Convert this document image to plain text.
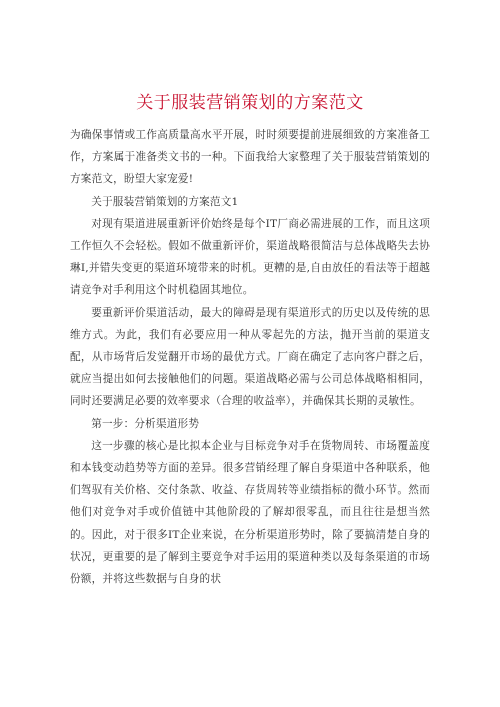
关于服装营销策划的方案范文

为确保事情或工作高质量高水平开展，时时须要提前进展细致的方案准备工作，方案属于准备类文书的一种。下面我给大家整理了关于服装营销策划的方案范文，盼望大家宠爱!

关于服装营销策划的方案范文1

对现有渠道进展重新评价始终是每个IT厂商必需进展的工作，而且这项工作恒久不会轻松。假如不做重新评价，渠道战略很简洁与总体战略失去协琳I,并错失变更的渠道环境带来的时机。更糟的是,自由放任的看法等于超越请竞争对手利用这个时机稳固其地位。

要重新评价渠道活动，最大的障碍是现有渠道形式的历史以及传统的思维方式。为此，我们有必要应用一种从零起先的方法，抛开当前的渠道支配，从市场背后发觉翻开市场的最优方式。厂商在确定了志向客户群之后，就应当提出如何去接触他们的问题。渠道战略必需与公司总体战略相相同，同时还要满足必要的效率要求（合理的收益率），并确保其长期的灵敏性。

第一步：分析渠道形势

这一步骤的核心是比拟本企业与目标竞争对手在货物周转、市场覆盖度和本钱变动趋势等方面的差异。很多营销经理了解自身渠道中各种联系，他们驾驭有关价格、交付条款、收益、存货周转等业绩指标的微小环节。然而他们对竞争对手或价值链中其他阶段的了解却很零乱，而且往往是想当然的。因此，对于很多IT企业来说，在分析渠道形势时，除了要搞清楚自身的状况，更重要的是了解到主要竞争对手运用的渠道种类以及每条渠道的市场份额，并将这些数据与自身的状
